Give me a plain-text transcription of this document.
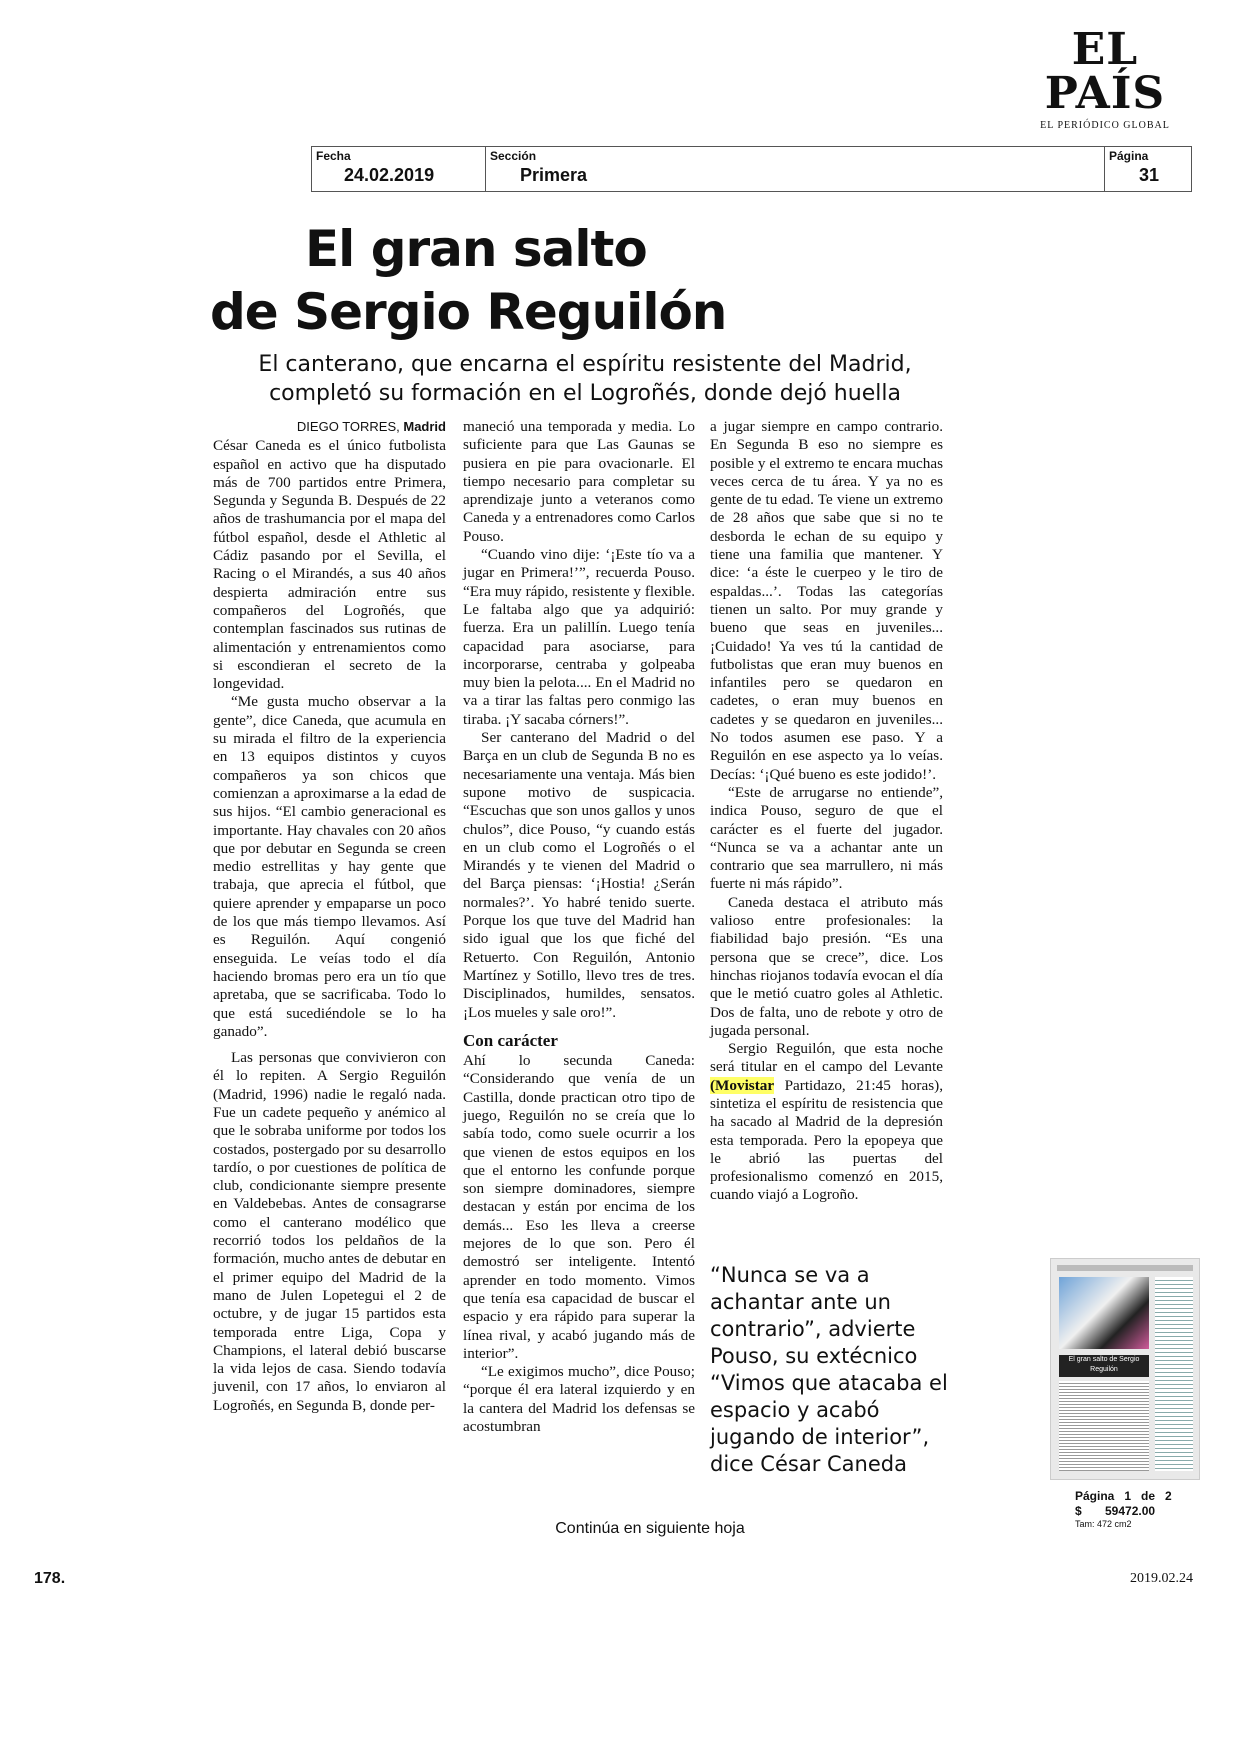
EL PAÍS
EL PERIÓDICO GLOBAL
Fecha
24.02.2019
Sección
Primera
Página
31
El gran salto
de Sergio Reguilón
El canterano, que encarna el espíritu resistente del Madrid, completó su formación en el Logroñés, donde dejó huella
DIEGO TORRES, Madrid

César Caneda es el único futbolista español en activo que ha disputado más de 700 partidos entre Primera, Segunda y Segunda B. Después de 22 años de trashumancia por el mapa del fútbol español, desde el Athletic al Cádiz pasando por el Sevilla, el Racing o el Mirandés, a sus 40 años despierta admiración entre sus compañeros del Logroñés, que contemplan fascinados sus rutinas de alimentación y entrenamientos como si escondieran el secreto de la longevidad.

“Me gusta mucho observar a la gente”, dice Caneda, que acumula en su mirada el filtro de la experiencia en 13 equipos distintos y cuyos compañeros ya son chicos que comienzan a aproximarse a la edad de sus hijos. “El cambio generacional es importante. Hay chavales con 20 años que por debutar en Segunda se creen medio estrellitas y hay gente que trabaja, que aprecia el fútbol, que quiere aprender y empaparse un poco de los que más tiempo llevamos. Así es Reguilón. Aquí congenió enseguida. Le veías todo el día haciendo bromas pero era un tío que apretaba, que se sacrificaba. Todo lo que está sucediéndole se lo ha ganado”.

Las personas que convivieron con él lo repiten. A Sergio Reguilón (Madrid, 1996) nadie le regaló nada. Fue un cadete pequeño y anémico al que le sobraba uniforme por todos los costados, postergado por su desarrollo tardío, o por cuestiones de política de club, condicionante siempre presente en Valdebebas. Antes de consagrarse como el canterano modélico que recorrió todos los peldaños de la formación, mucho antes de debutar en el primer equipo del Madrid de la mano de Julen Lopetegui el 2 de octubre, y de jugar 15 partidos esta temporada entre Liga, Copa y Champions, el lateral debió buscarse la vida lejos de casa. Siendo todavía juvenil, con 17 años, lo enviaron al Logroñés, en Segunda B, donde per-

maneció una temporada y media. Lo suficiente para que Las Gaunas se pusiera en pie para ovacionarle. El tiempo necesario para completar su aprendizaje junto a veteranos como Caneda y a entrenadores como Carlos Pouso.

“Cuando vino dije: ‘¡Este tío va a jugar en Primera!’”, recuerda Pouso. “Era muy rápido, resistente y flexible. Le faltaba algo que ya adquirió: fuerza. Era un palillín. Luego tenía capacidad para asociarse, para incorporarse, centraba y golpeaba muy bien la pelota.... En el Madrid no va a tirar las faltas pero conmigo las tiraba. ¡Y sacaba córners!”.

Ser canterano del Madrid o del Barça en un club de Segunda B no es necesariamente una ventaja. Más bien supone motivo de suspicacia. “Escuchas que son unos gallos y unos chulos”, dice Pouso, “y cuando estás en un club como el Logroñés o el Mirandés y te vienen del Madrid o del Barça piensas: ‘¡Hostia! ¿Serán normales?’. Yo habré tenido suerte. Porque los que tuve del Madrid han sido igual que los que fiché del Retuerto. Con Reguilón, Antonio Martínez y Sotillo, llevo tres de tres. Disciplinados, humildes, sensatos. ¡Los mueles y sale oro!”.

Con carácter

Ahí lo secunda Caneda: “Considerando que venía de un Castilla, donde practican otro tipo de juego, Reguilón no se creía que lo sabía todo, como suele ocurrir a los que vienen de estos equipos en los que el entorno les confunde porque son siempre dominadores, siempre destacan y están por encima de los demás... Eso les lleva a creerse mejores de lo que son. Pero él demostró ser inteligente. Intentó aprender en todo momento. Vimos que tenía esa capacidad de buscar el espacio y era rápido para superar la línea rival, y acabó jugando más de interior”.

“Le exigimos mucho”, dice Pouso; “porque él era lateral izquierdo y en la cantera del Madrid los defensas se acostumbran

a jugar siempre en campo contrario. En Segunda B eso no siempre es posible y el extremo te encara muchas veces cerca de tu área. Y ya no es gente de tu edad. Te viene un extremo de 28 años que sabe que si no te desborda le echan de su equipo y tiene una familia que mantener. Y dice: ‘a éste le cuerpeo y le tiro de espaldas...’. Todas las categorías tienen un salto. Por muy grande y bueno que seas en juveniles... ¡Cuidado! Ya ves tú la cantidad de futbolistas que eran muy buenos en infantiles pero se quedaron en cadetes, o eran muy buenos en cadetes y se quedaron en juveniles... No todos asumen ese paso. Y a Reguilón en ese aspecto ya lo veías. Decías: ‘¡Qué bueno es este jodido!’.

“Este de arrugarse no entiende”, indica Pouso, seguro de que el carácter es el fuerte del jugador. “Nunca se va a achantar ante un contrario que sea marrullero, ni más fuerte ni más rápido”.

Caneda destaca el atributo más valioso entre profesionales: la fiabilidad bajo presión. “Es una persona que se crece”, dice. Los hinchas riojanos todavía evocan el día que le metió cuatro goles al Athletic. Dos de falta, uno de rebote y otro de jugada personal.

Sergio Reguilón, que esta noche será titular en el campo del Levante (Movistar Partidazo, 21:45 horas), sintetiza el espíritu de resistencia que ha sacado al Madrid de la depresión esta temporada. Pero la epopeya que le abrió las puertas del profesionalismo comenzó en 2015, cuando viajó a Logroño.

“Nunca se va a achantar ante un contrario”, advierte Pouso, su extécnico
“Vimos que atacaba el espacio y acabó jugando de interior”, dice César Caneda
El gran salto de Sergio Reguilón
Página   1   de   2
$       59472.00
Tam: 472 cm2
Continúa en siguiente hoja
178.	2019.02.24
